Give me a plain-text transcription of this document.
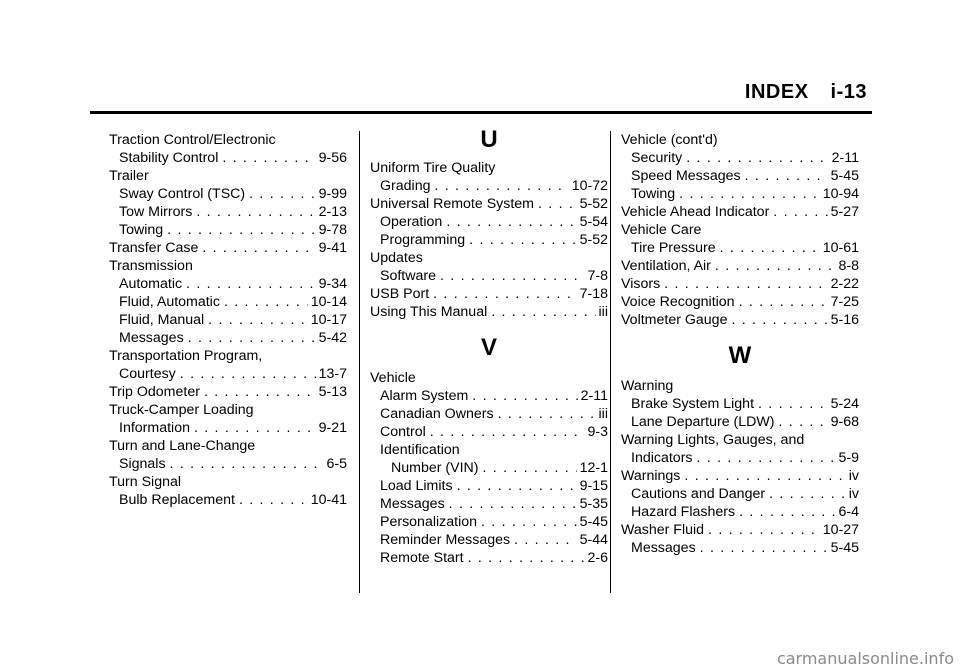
INDEX i-13
Traction Control/Electronic
Stability Control . . .	9-56
Trailer
Sway Control (TSC) . . .	9-99
Tow Mirrors . . .	2-13
Towing . . .	9-78
Transfer Case . . .	9-41
Transmission
Automatic . . .	9-34
Fluid, Automatic . . .	10-14
Fluid, Manual . . .	10-17
Messages . . .	5-42
Transportation Program,
Courtesy . . .	13-7
Trip Odometer . . .	5-13
Truck-Camper Loading
Information . . .	9-21
Turn and Lane-Change
Signals . . .	6-5
Turn Signal
Bulb Replacement . . .	10-41
U
Uniform Tire Quality
Grading . . .	10-72
Universal Remote System . . .	5-52
Operation . . .	5-54
Programming . . .	5-52
Updates
Software . . .	7-8
USB Port . . .	7-18
Using This Manual . . .	iii
V
Vehicle
Alarm System . . .	2-11
Canadian Owners . . .	iii
Control . . .	9-3
Identification
Number (VIN) . . .	12-1
Load Limits . . .	9-15
Messages . . .	5-35
Personalization . . .	5-45
Reminder Messages . . .	5-44
Remote Start . . .	2-6
Vehicle (cont'd)
Security . . .	2-11
Speed Messages . . .	5-45
Towing . . .	10-94
Vehicle Ahead Indicator . . .	5-27
Vehicle Care
Tire Pressure . . .	10-61
Ventilation, Air . . .	8-8
Visors . . .	2-22
Voice Recognition . . .	7-25
Voltmeter Gauge . . .	5-16
W
Warning
Brake System Light . . .	5-24
Lane Departure (LDW) . . .	9-68
Warning Lights, Gauges, and
Indicators . . .	5-9
Warnings . . .	iv
Cautions and Danger . . .	iv
Hazard Flashers . . .	6-4
Washer Fluid . . .	10-27
Messages . . .	5-45
carmanualsonline.info
